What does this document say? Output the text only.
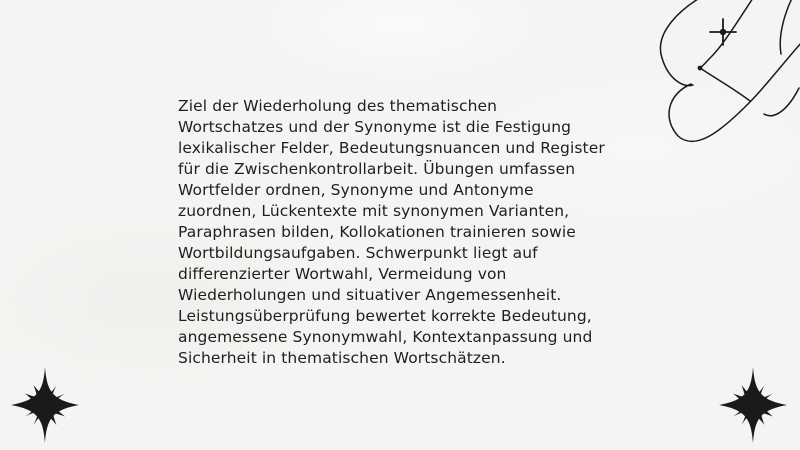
Ziel der Wiederholung des thematischen
Wortschatzes und der Synonyme ist die Festigung
lexikalischer Felder, Bedeutungsnuancen und Register
für die Zwischenkontrollarbeit. Übungen umfassen
Wortfelder ordnen, Synonyme und Antonyme
zuordnen, Lückentexte mit synonymen Varianten,
Paraphrasen bilden, Kollokationen trainieren sowie
Wortbildungsaufgaben. Schwerpunkt liegt auf
differenzierter Wortwahl, Vermeidung von
Wiederholungen und situativer Angemessenheit.
Leistungsüberprüfung bewertet korrekte Bedeutung,
angemessene Synonymwahl, Kontextanpassung und
Sicherheit in thematischen Wortschätzen.
